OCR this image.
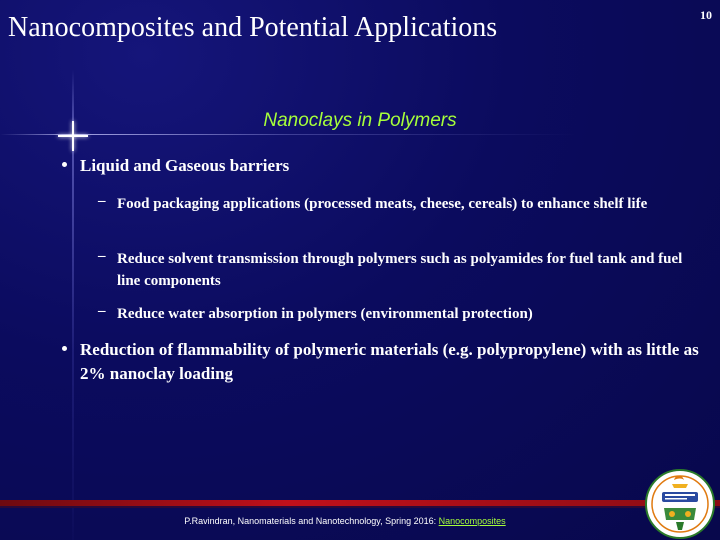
Nanocomposites and Potential Applications	10
Nanoclays in Polymers
Liquid and Gaseous barriers
– Food packaging applications (processed meats, cheese, cereals) to enhance shelf life
– Reduce solvent transmission through polymers such as polyamides for fuel tank and fuel line components
– Reduce water absorption in polymers (environmental protection)
Reduction of flammability of polymeric materials (e.g. polypropylene) with as little as 2% nanoclay loading
P.Ravindran, Nanomaterials and Nanotechnology, Spring 2016: Nanocomposites
